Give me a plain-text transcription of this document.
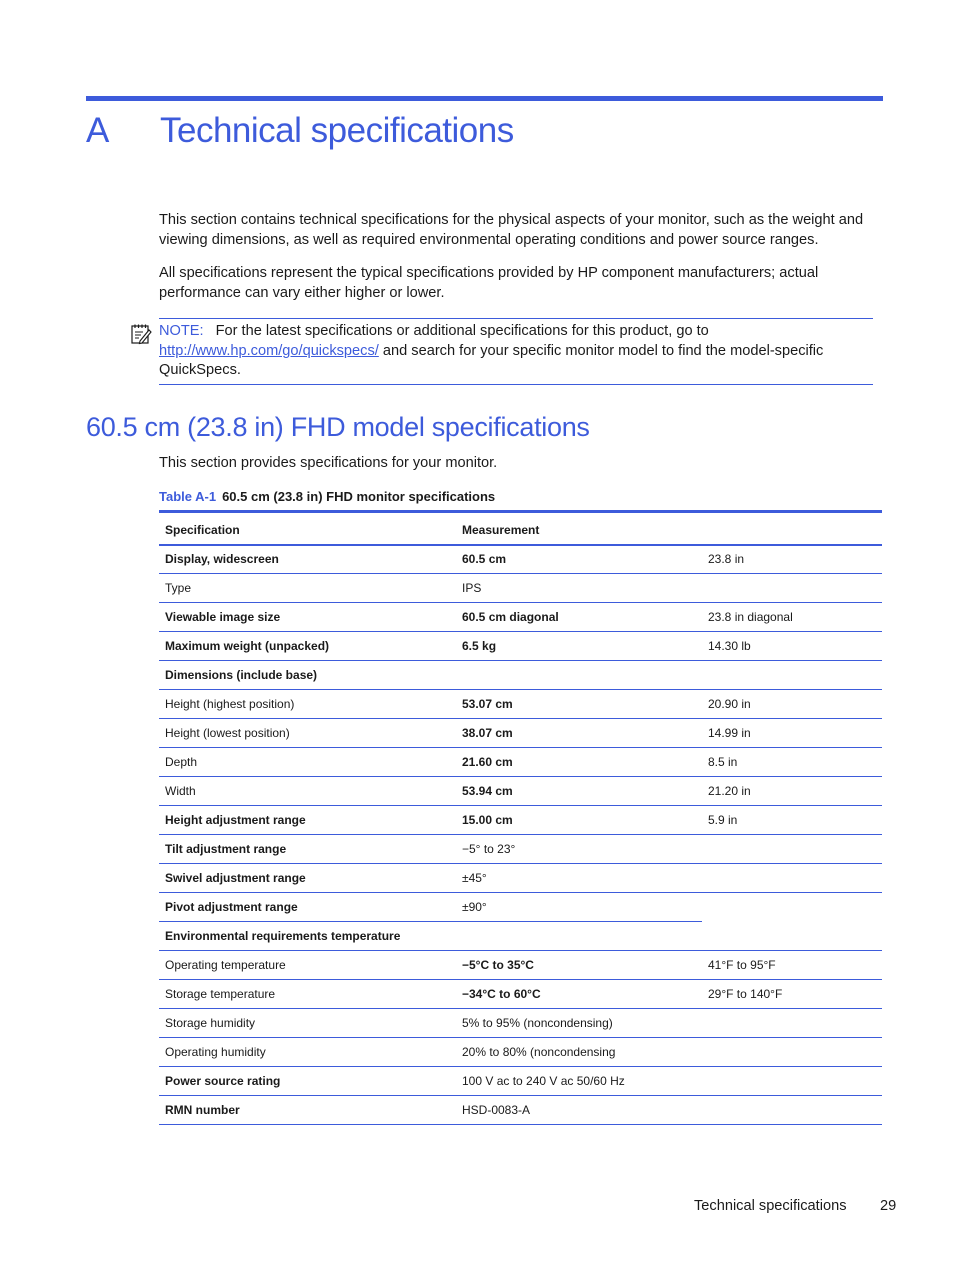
A Technical specifications

This section contains technical specifications for the physical aspects of your monitor, such as the weight and viewing dimensions, as well as required environmental operating conditions and power source ranges.

All specifications represent the typical specifications provided by HP component manufacturers; actual performance can vary either higher or lower.

NOTE: For the latest specifications or additional specifications for this product, go to
http://www.hp.com/go/quickspecs/ and search for your specific monitor model to find the model-specific QuickSpecs.
60.5 cm (23.8 in) FHD model specifications
This section provides specifications for your monitor.
Table A-1 60.5 cm (23.8 in) FHD monitor specifications
Specification	Measurement	
Display, widescreen	60.5 cm	23.8 in
Type	IPS	
Viewable image size	60.5 cm diagonal	23.8 in diagonal
Maximum weight (unpacked)	6.5 kg	14.30 lb
Dimensions (include base)		
Height (highest position)	53.07 cm	20.90 in
Height (lowest position)	38.07 cm	14.99 in
Depth	21.60 cm	8.5 in
Width	53.94 cm	21.20 in
Height adjustment range	15.00 cm	5.9 in
Tilt adjustment range	−5° to 23°	
Swivel adjustment range	±45°	
Pivot adjustment range	±90°	
Environmental requirements temperature		
Operating temperature	−5°C to 35°C	41°F to 95°F
Storage temperature	−34°C to 60°C	29°F to 140°F
Storage humidity	5% to 95% (noncondensing)	
Operating humidity	20% to 80% (noncondensing	
Power source rating	100 V ac to 240 V ac 50/60 Hz	
RMN number	HSD-0083-A	
Technical specifications 29
